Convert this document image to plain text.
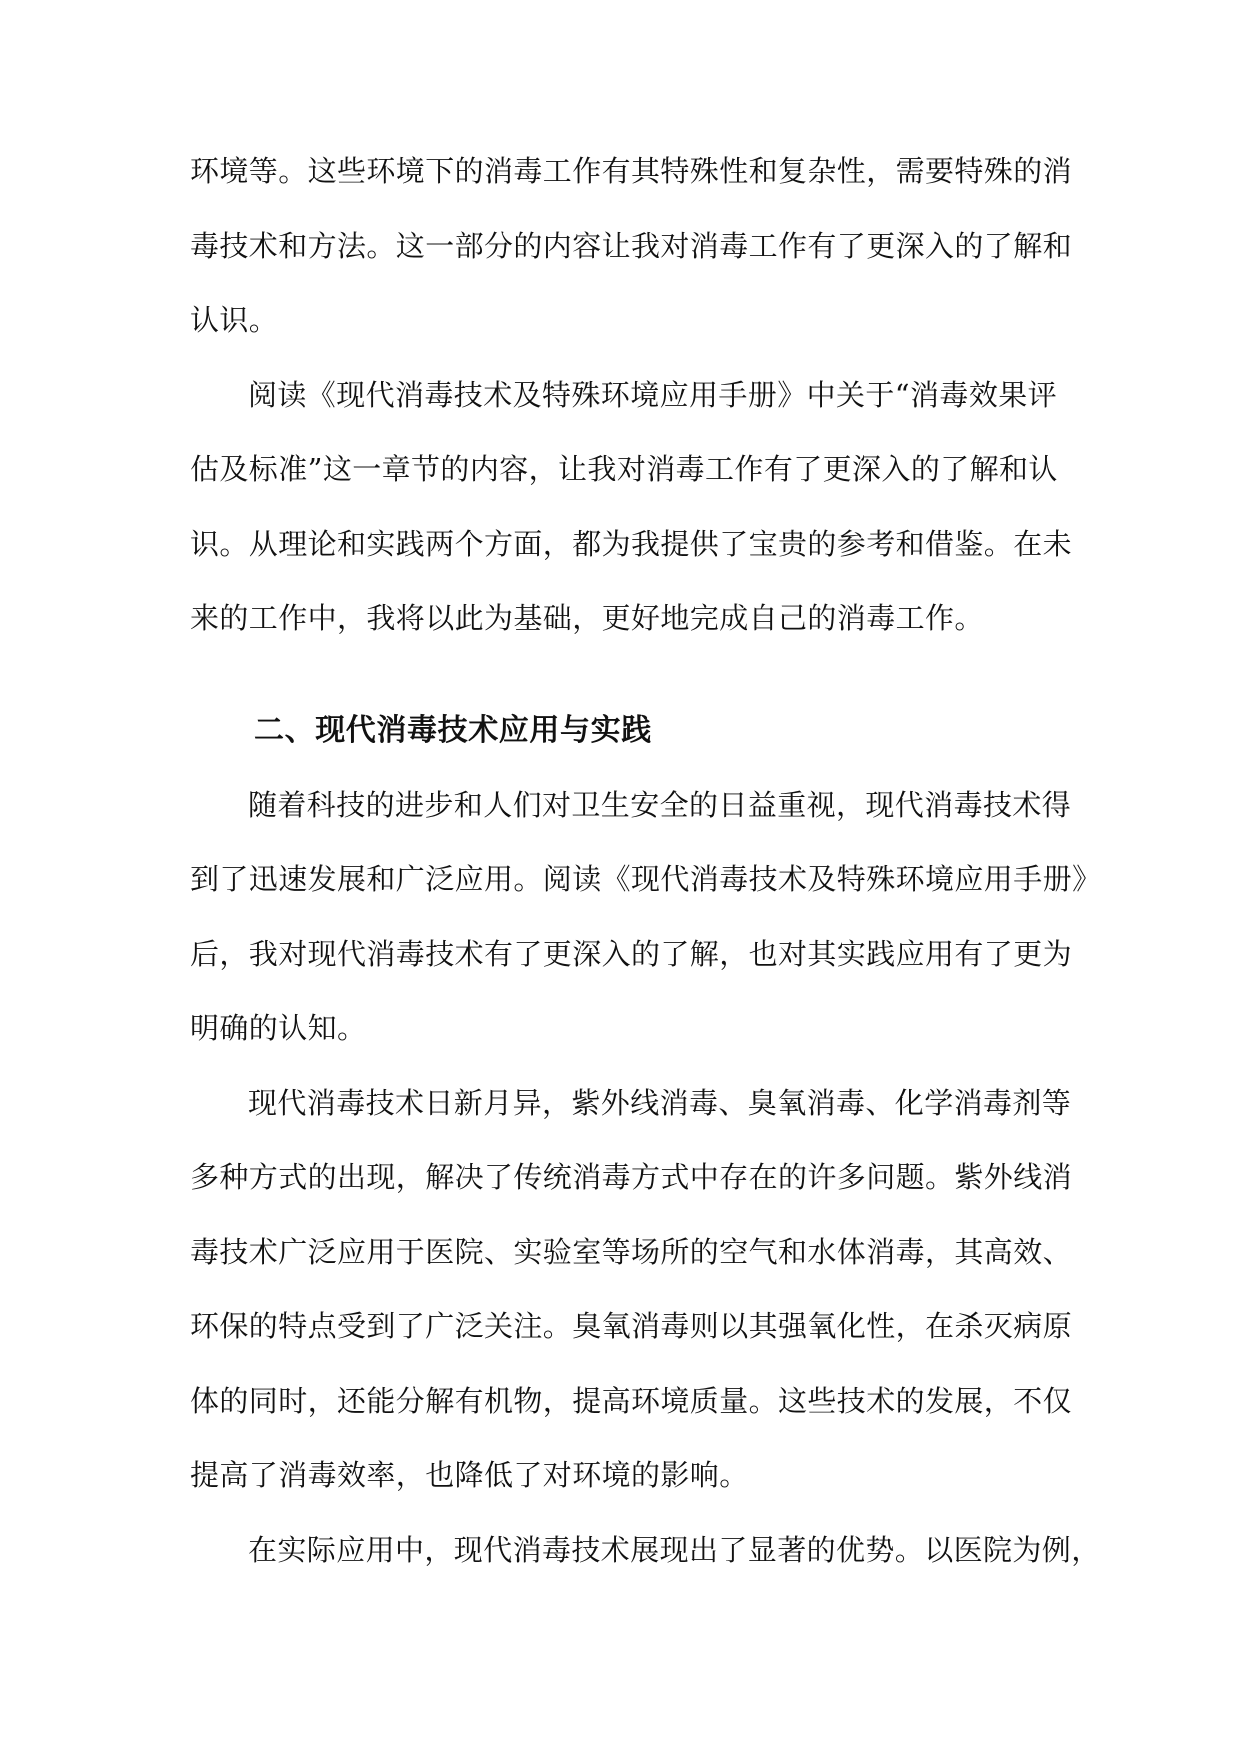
环境等。这些环境下的消毒工作有其特殊性和复杂性，需要特殊的消
毒技术和方法。这一部分的内容让我对消毒工作有了更深入的了解和
认识。
阅读《现代消毒技术及特殊环境应用手册》中关于“消毒效果评
估及标准”这一章节的内容，让我对消毒工作有了更深入的了解和认
识。从理论和实践两个方面，都为我提供了宝贵的参考和借鉴。在未
来的工作中，我将以此为基础，更好地完成自己的消毒工作。
二、现代消毒技术应用与实践
随着科技的进步和人们对卫生安全的日益重视，现代消毒技术得
到了迅速发展和广泛应用。阅读《现代消毒技术及特殊环境应用手册》
后，我对现代消毒技术有了更深入的了解，也对其实践应用有了更为
明确的认知。
现代消毒技术日新月异，紫外线消毒、臭氧消毒、化学消毒剂等
多种方式的出现，解决了传统消毒方式中存在的许多问题。紫外线消
毒技术广泛应用于医院、实验室等场所的空气和水体消毒，其高效、
环保的特点受到了广泛关注。臭氧消毒则以其强氧化性，在杀灭病原
体的同时，还能分解有机物，提高环境质量。这些技术的发展，不仅
提高了消毒效率，也降低了对环境的影响。
在实际应用中，现代消毒技术展现出了显著的优势。以医院为例，
